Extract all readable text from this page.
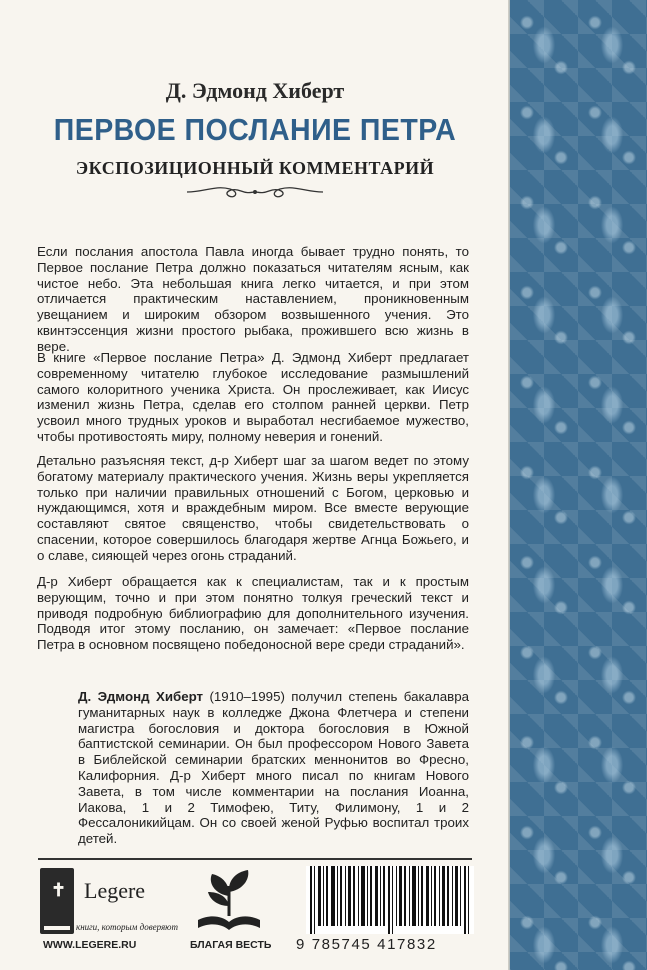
Д. Эдмонд Хиберт
ПЕРВОЕ ПОСЛАНИЕ ПЕТРА
ЭКСПОЗИЦИОННЫЙ КОММЕНТАРИЙ
Если послания апостола Павла иногда бывает трудно понять, то Первое послание Петра должно показаться читателям ясным, как чистое небо. Эта небольшая книга легко читается, и при этом отличается практическим наставлением, проникновенным увещанием и широким обзором возвышенного учения. Это квинтэссенция жизни простого рыбака, прожившего всю жизнь в вере.
В книге «Первое послание Петра» Д. Эдмонд Хиберт предлагает современному читателю глубокое исследование размышлений самого колоритного ученика Христа. Он прослеживает, как Иисус изменил жизнь Петра, сделав его столпом ранней церкви. Петр усвоил много трудных уроков и выработал несгибаемое мужество, чтобы противостоять миру, полному неверия и гонений.
Детально разъясняя текст, д-р Хиберт шаг за шагом ведет по этому богатому материалу практического учения. Жизнь веры укрепляется только при наличии правильных отношений с Богом, церковью и нуждающимся, хотя и враждебным миром. Все вместе верующие составляют святое священство, чтобы свидетельствовать о спасении, которое совершилось благодаря жертве Агнца Божьего, и о славе, сияющей через огонь страданий.
Д-р Хиберт обращается как к специалистам, так и к простым верующим, точно и при этом понятно толкуя греческий текст и приводя подробную библиографию для дополнительного изучения. Подводя итог этому посланию, он замечает: «Первое послание Петра в основном посвящено победоносной вере среди страданий».
Д. Эдмонд Хиберт (1910–1995) получил степень бакалавра гуманитарных наук в колледже Джона Флетчера и степени магистра богословия и доктора богословия в Южной баптистской семинарии. Он был профессором Нового Завета в Библейской семинарии братских меннонитов во Фресно, Калифорния. Д-р Хиберт много писал по книгам Нового Завета, в том числе комментарии на послания Иоанна, Иакова, 1 и 2 Тимофею, Титу, Филимону, 1 и 2 Фессалоникийцам. Он со своей женой Руфью воспитал троих детей.
✝ Legere
книги, которым доверяют
WWW.LEGERE.RU	БЛАГАЯ ВЕСТЬ 9 785745 417832
